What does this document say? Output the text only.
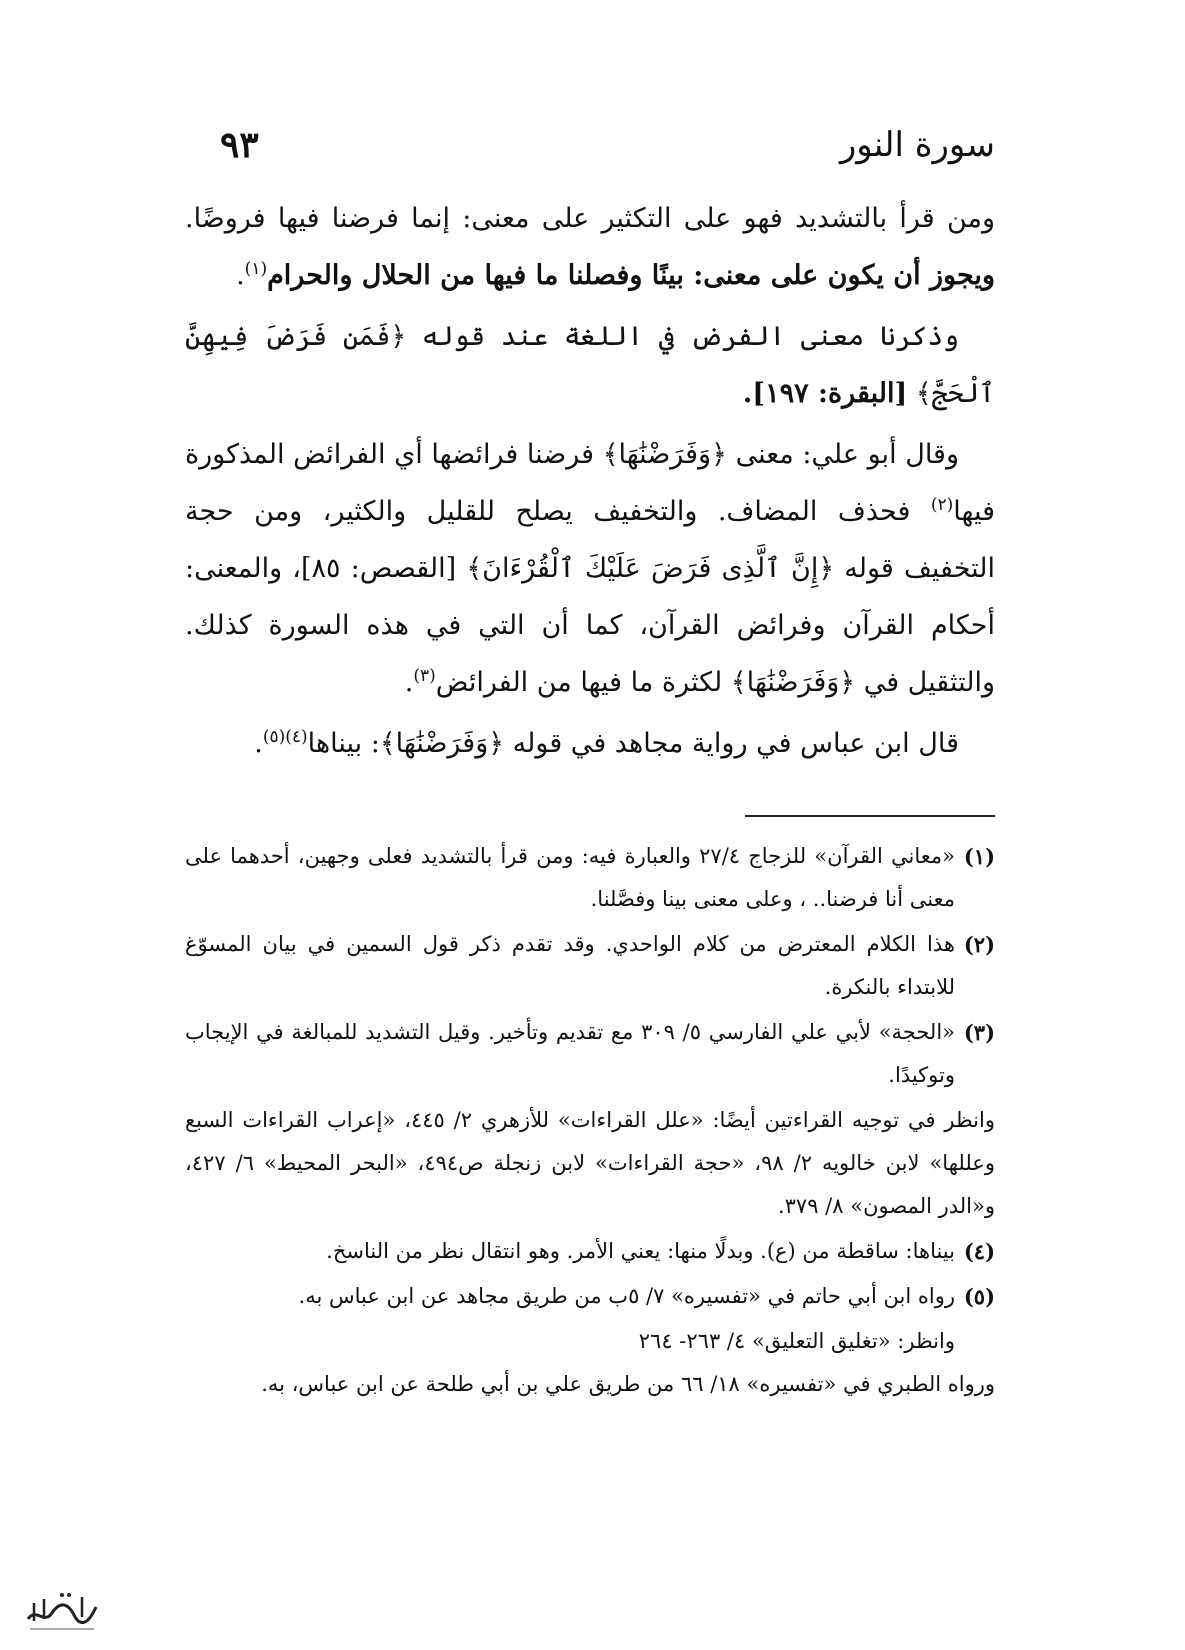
سورة النور
٩٣

ومن قرأ بالتشديد فهو على التكثير على معنى: إنما فرضنا فيها فروضًا. ويجوز أن يكون على معنى: بينًا وفصلنا ما فيها من الحلال والحرام$^{(١)}$.

وذكرنا معنى الفرض في اللغة عند قوله ﴿فَمَن فَرَضَ فِيهِنَّ ٱلْحَجَّ﴾ [البقرة: ١٩٧].

وقال أبو علي: معنى ﴿وَفَرَضْنَٰهَا﴾ فرضنا فرائضها أي الفرائض المذكورة فيها$^{(٢)}$ فحذف المضاف. والتخفيف يصلح للقليل والكثير، ومن حجة التخفيف قوله ﴿إِنَّ ٱلَّذِى فَرَضَ عَلَيْكَ ٱلْقُرْءَانَ﴾ [القصص: ٨٥]، والمعنى: أحكام القرآن وفرائض القرآن، كما أن التي في هذه السورة كذلك. والتثقيل في ﴿وَفَرَضْنَٰهَا﴾ لكثرة ما فيها من الفرائض$^{(٣)}$.

قال ابن عباس في رواية مجاهد في قوله ﴿وَفَرَضْنَٰهَا﴾: بيناها$^{(٤)(٥)}$.

(١)
«معاني القرآن» للزجاج ٢٧/٤ والعبارة فيه: ومن قرأ بالتشديد فعلى وجهين، أحدهما على معنى أنا فرضنا.. ، وعلى معنى بينا وفصَّلنا.
(٢)
هذا الكلام المعترض من كلام الواحدي. وقد تقدم ذكر قول السمين في بيان المسوّغ للابتداء بالنكرة.
(٣)
«الحجة» لأبي علي الفارسي ٥/ ٣٠٩ مع تقديم وتأخير. وقيل التشديد للمبالغة في الإيجاب وتوكيدًا.
وانظر في توجيه القراءتين أيضًا: «علل القراءات» للأزهري ٢/ ٤٤٥، «إعراب القراءات السبع وعللها» لابن خالويه ٢/ ٩٨، «حجة القراءات» لابن زنجلة ص٤٩٤، «البحر المحيط» ٦/ ٤٢٧، و«الدر المصون» ٨/ ٣٧٩.
(٤)
بيناها: ساقطة من (ع). وبدلًا منها: يعني الأمر. وهو انتقال نظر من الناسخ.
(٥)
رواه ابن أبي حاتم في «تفسيره» ٧/ ٥ب من طريق مجاهد عن ابن عباس به.
وانظر: «تغليق التعليق» ٤/ ٢٦٣- ٢٦٤
ورواه الطبري في «تفسيره» ١٨/ ٦٦ من طريق علي بن أبي طلحة عن ابن عباس، به.
